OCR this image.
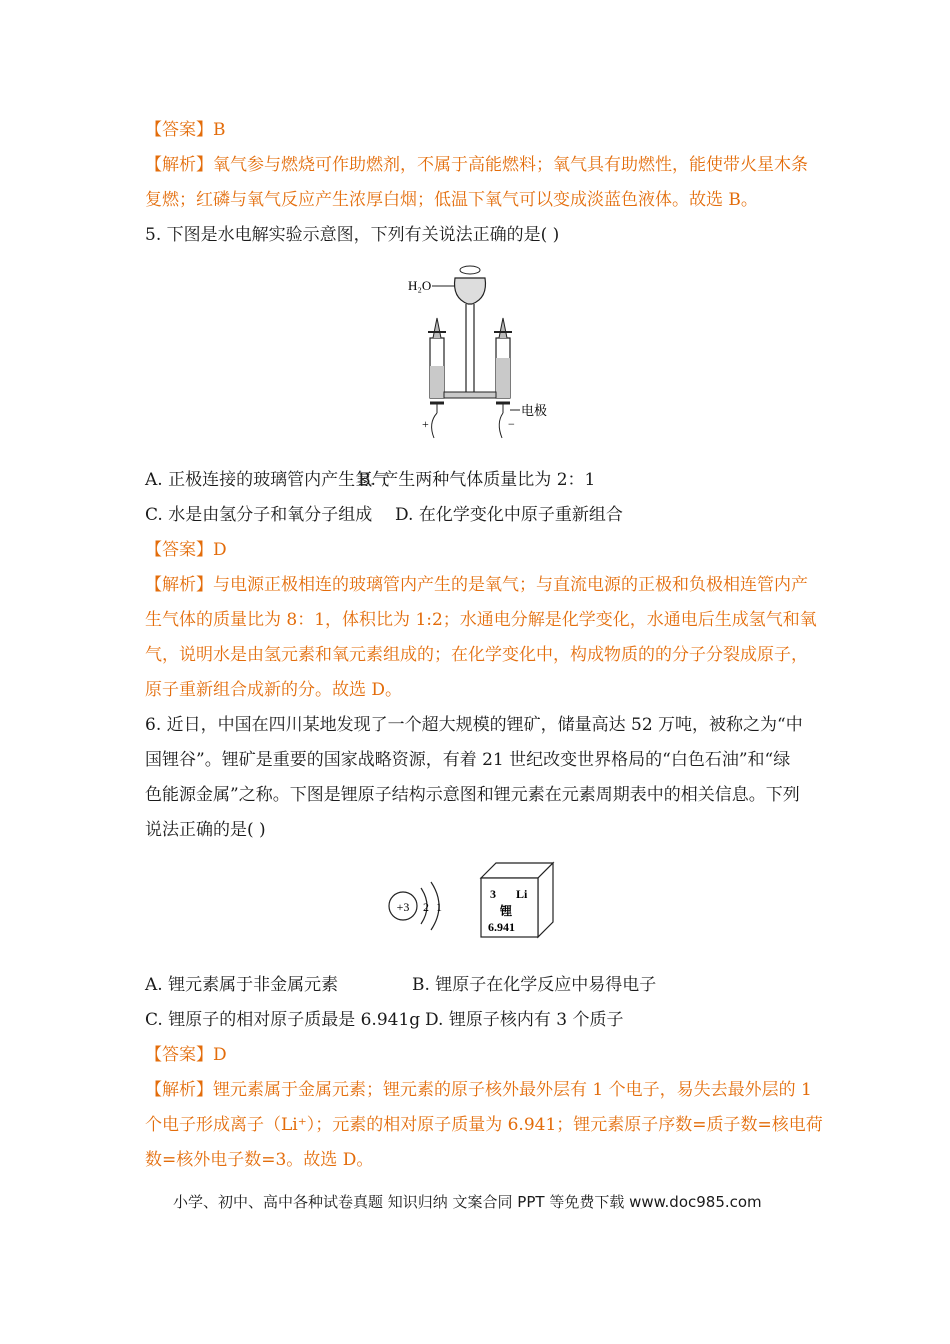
【答案】B
【解析】氧气参与燃烧可作助燃剂，不属于高能燃料；氧气具有助燃性，能使带火星木条
复燃；红磷与氧气反应产生浓厚白烟；低温下氧气可以变成淡蓝色液体。故选 B。
5. 下图是水电解实验示意图，下列有关说法正确的是( )
H₂O
+	−
电极
A. 正极连接的玻璃管内产生氢气
B. 产生两种气体质量比为 2：1
C. 水是由氢分子和氧分子组成 D. 在化学变化中原子重新组合
【答案】D
【解析】与电源正极相连的玻璃管内产生的是氧气；与直流电源的正极和负极相连管内产
生气体的质量比为 8：1，体积比为 1:2；水通电分解是化学变化，水通电后生成氢气和氧
气，说明水是由氢元素和氧元素组成的；在化学变化中，构成物质的的分子分裂成原子，
原子重新组合成新的分。故选 D。
6. 近日，中国在四川某地发现了一个超大规模的锂矿，储量高达 52 万吨，被称之为“中
国锂谷”。锂矿是重要的国家战略资源，有着 21 世纪改变世界格局的“白色石油”和“绿
色能源金属”之称。下图是锂原子结构示意图和锂元素在元素周期表中的相关信息。下列
说法正确的是( )
+3 2 1
3 Li
锂
6.941
A. 锂元素属于非金属元素	B. 锂原子在化学反应中易得电子
C. 锂原子的相对原子质最是 6.941g D. 锂原子核内有 3 个质子
【答案】D
【解析】锂元素属于金属元素；锂元素的原子核外最外层有 1 个电子，易失去最外层的 1
个电子形成离子（Li⁺）；元素的相对原子质量为 6.941；锂元素原子序数=质子数=核电荷
数=核外电子数=3。故选 D。
小学、初中、高中各种试卷真题 知识归纳 文案合同 PPT 等免费下载 www.doc985.com
